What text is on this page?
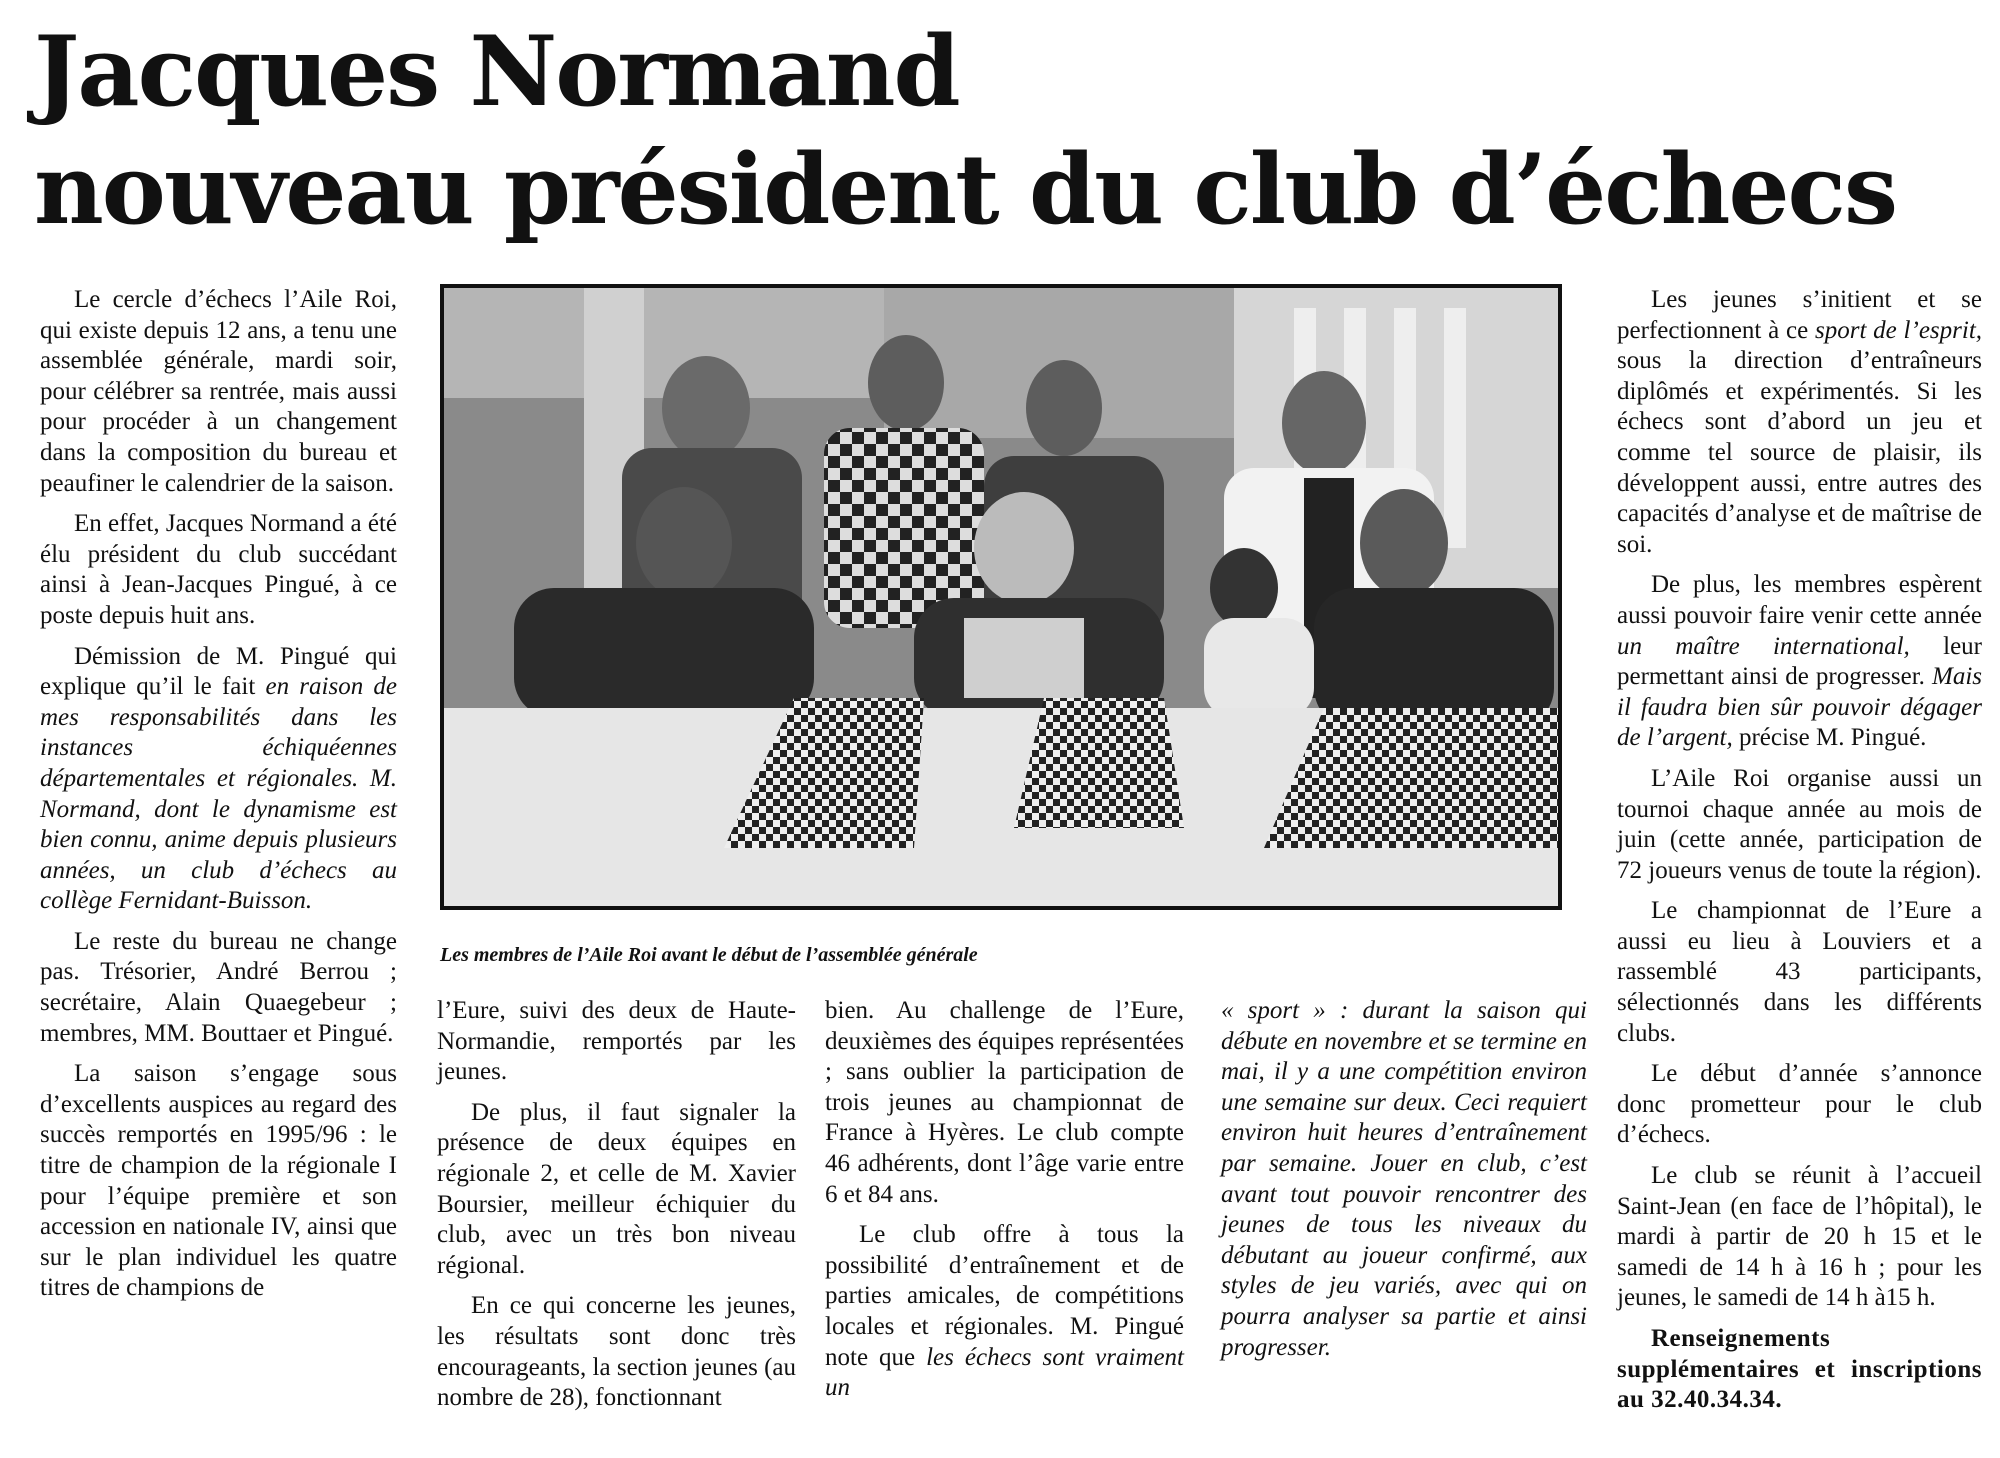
Jacques Normand
nouveau président du club d’échecs

Le cercle d’échecs l’Aile Roi, qui existe depuis 12 ans, a tenu une assemblée générale, mardi soir, pour célébrer sa rentrée, mais aussi pour procéder à un changement dans la composition du bureau et peaufiner le calendrier de la saison.

En effet, Jacques Normand a été élu président du club succédant ainsi à Jean-Jacques Pingué, à ce poste depuis huit ans.

Démission de M. Pingué qui explique qu’il le fait en raison de mes responsabilités dans les instances échiquéennes départementales et régionales. M. Normand, dont le dynamisme est bien connu, anime depuis plusieurs années, un club d’échecs au collège Fernidant-Buisson.

Le reste du bureau ne change pas. Trésorier, André Berrou ; secrétaire, Alain Quaegebeur ; membres, MM. Bouttaer et Pingué.

La saison s’engage sous d’excellents auspices au regard des succès remportés en 1995/96 : le titre de champion de la régionale I pour l’équipe première et son accession en nationale IV, ainsi que sur le plan individuel les quatre titres de champions de

Les membres de l’Aile Roi avant le début de l’assemblée générale

l’Eure, suivi des deux de Haute-Normandie, remportés par les jeunes.

De plus, il faut signaler la présence de deux équipes en régionale 2, et celle de M. Xavier Boursier, meilleur échiquier du club, avec un très bon niveau régional.

En ce qui concerne les jeunes, les résultats sont donc très encourageants, la section jeunes (au nombre de 28), fonctionnant

bien. Au challenge de l’Eure, deuxièmes des équipes représentées ; sans oublier la participation de trois jeunes au championnat de France à Hyères. Le club compte 46 adhérents, dont l’âge varie entre 6 et 84 ans.

Le club offre à tous la possibilité d’entraînement et de parties amicales, de compétitions locales et régionales. M. Pingué note que les échecs sont vraiment un

« sport » : durant la saison qui débute en novembre et se termine en mai, il y a une compétition environ une semaine sur deux. Ceci requiert environ huit heures d’entraînement par semaine. Jouer en club, c’est avant tout pouvoir rencontrer des jeunes de tous les niveaux du débutant au joueur confirmé, aux styles de jeu variés, avec qui on pourra analyser sa partie et ainsi progresser.

Les jeunes s’initient et se perfectionnent à ce sport de l’esprit, sous la direction d’entraîneurs diplômés et expérimentés. Si les échecs sont d’abord un jeu et comme tel source de plaisir, ils développent aussi, entre autres des capacités d’analyse et de maîtrise de soi.

De plus, les membres espèrent aussi pouvoir faire venir cette année un maître international, leur permettant ainsi de progresser. Mais il faudra bien sûr pouvoir dégager de l’argent, précise M. Pingué.

L’Aile Roi organise aussi un tournoi chaque année au mois de juin (cette année, participation de 72 joueurs venus de toute la région).

Le championnat de l’Eure a aussi eu lieu à Louviers et a rassemblé 43 participants, sélectionnés dans les différents clubs.

Le début d’année s’annonce donc prometteur pour le club d’échecs.

Le club se réunit à l’accueil Saint-Jean (en face de l’hôpital), le mardi à partir de 20 h 15 et le samedi de 14 h à 16 h ; pour les jeunes, le samedi de 14 h à15 h.

Renseignements supplémentaires et inscriptions au 32.40.34.34.
